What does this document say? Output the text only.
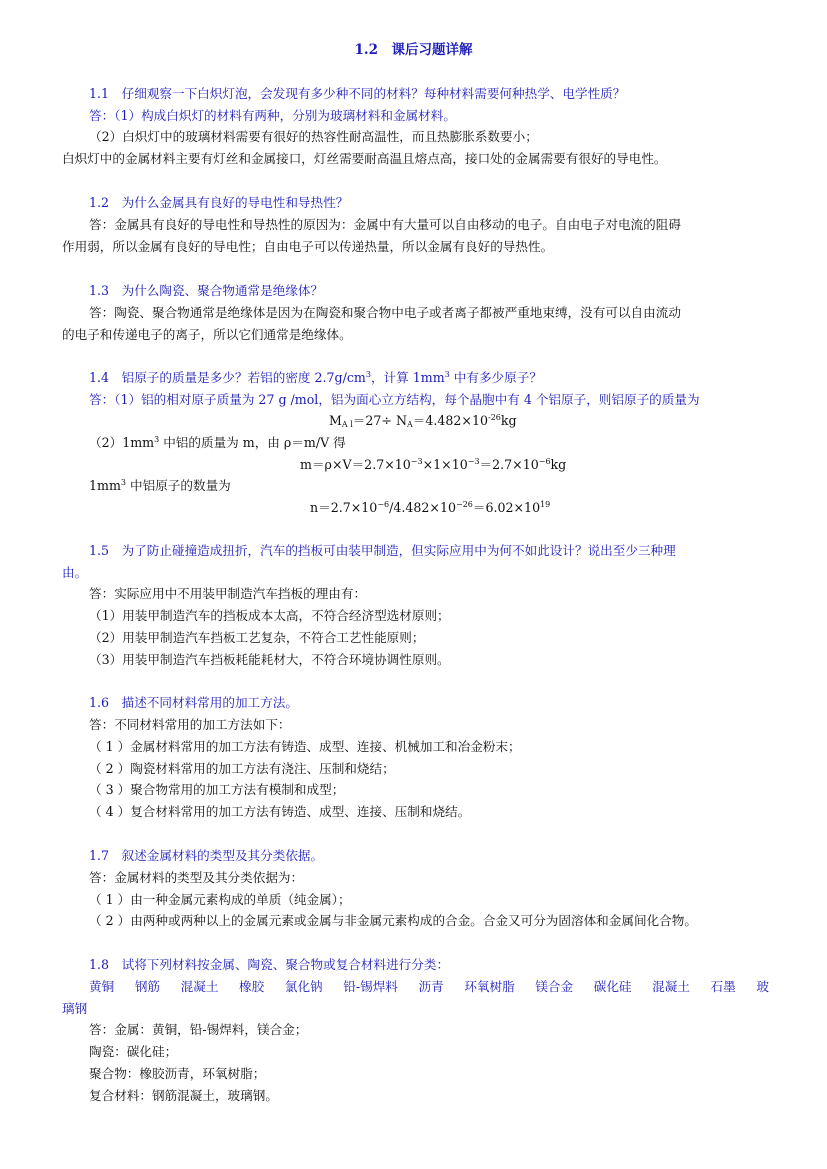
1.2　课后习题详解
1.1　仔细观察一下白炽灯泡，会发现有多少种不同的材料？每种材料需要何种热学、电学性质？
答：（1）构成白炽灯的材料有两种，分别为玻璃材料和金属材料。
（2）白炽灯中的玻璃材料需要有很好的热容性耐高温性，而且热膨胀系数要小；
白炽灯中的金属材料主要有灯丝和金属接口，灯丝需要耐高温且熔点高，接口处的金属需要有很好的导电性。
1.2　为什么金属具有良好的导电性和导热性？
答：金属具有良好的导电性和导热性的原因为：金属中有大量可以自由移动的电子。自由电子对电流的阻碍
作用弱，所以金属有良好的导电性；自由电子可以传递热量，所以金属有良好的导热性。
1.3　为什么陶瓷、聚合物通常是绝缘体？
答：陶瓷、聚合物通常是绝缘体是因为在陶瓷和聚合物中电子或者离子都被严重地束缚，没有可以自由流动
的电子和传递电子的离子，所以它们通常是绝缘体。
1.4　铝原子的质量是多少？若铝的密度 $2.7g/cm^3$，计算 $1mm^3$ 中有多少原子？
答：（1）铝的相对原子质量为 27 g /mol，铝为面心立方结构，每个晶胞中有 4 个铝原子，则铝原子的质量为
$M_{A l}=27\div N_A=4.482\times 10^{-26}kg$
$(2)1mm^3$ 中铝的质量为 m，由 ρ＝m/V 得
$m=\rho\times V=2.7\times 10^{-3}\times 1\times 10^{-3}=2.7\times 10^{-6}kg$
$1mm^3$ 中铝原子的数量为
$n=2.7\times 10^{-6}/4.482\times 10^{-26}=6.02\times 10^{19}$
1.5　为了防止碰撞造成扭折，汽车的挡板可由装甲制造，但实际应用中为何不如此设计？说出至少三种理
由。
答：实际应用中不用装甲制造汽车挡板的理由有：
（1）用装甲制造汽车的挡板成本太高，不符合经济型选材原则；
（2）用装甲制造汽车挡板工艺复杂，不符合工艺性能原则；
（3）用装甲制造汽车挡板耗能耗材大，不符合环境协调性原则。
1.6　描述不同材料常用的加工方法。
答：不同材料常用的加工方法如下：
（ 1 ）金属材料常用的加工方法有铸造、成型、连接、机械加工和冶金粉末；
（ 2 ）陶瓷材料常用的加工方法有浇注、压制和烧结；
（ 3 ）聚合物常用的加工方法有模制和成型；
（ 4 ）复合材料常用的加工方法有铸造、成型、连接、压制和烧结。
1.7　叙述金属材料的类型及其分类依据。
答：金属材料的类型及其分类依据为：
（ 1 ）由一种金属元素构成的单质（纯金属）；
（ 2 ）由两种或两种以上的金属元素或金属与非金属元素构成的合金。合金又可分为固溶体和金属间化合物。
1.8　试将下列材料按金属、陶瓷、聚合物或复合材料进行分类：
黄铜 钢筋 混凝土 橡胶 氯化钠 铅-锡焊料 沥青 环氧树脂 镁合金 碳化硅 混凝土 石墨 玻
璃钢
答：金属：黄铜，铅-锡焊料，镁合金；
陶瓷：碳化硅；
聚合物：橡胶沥青，环氧树脂；
复合材料：钢筋混凝土，玻璃钢。
